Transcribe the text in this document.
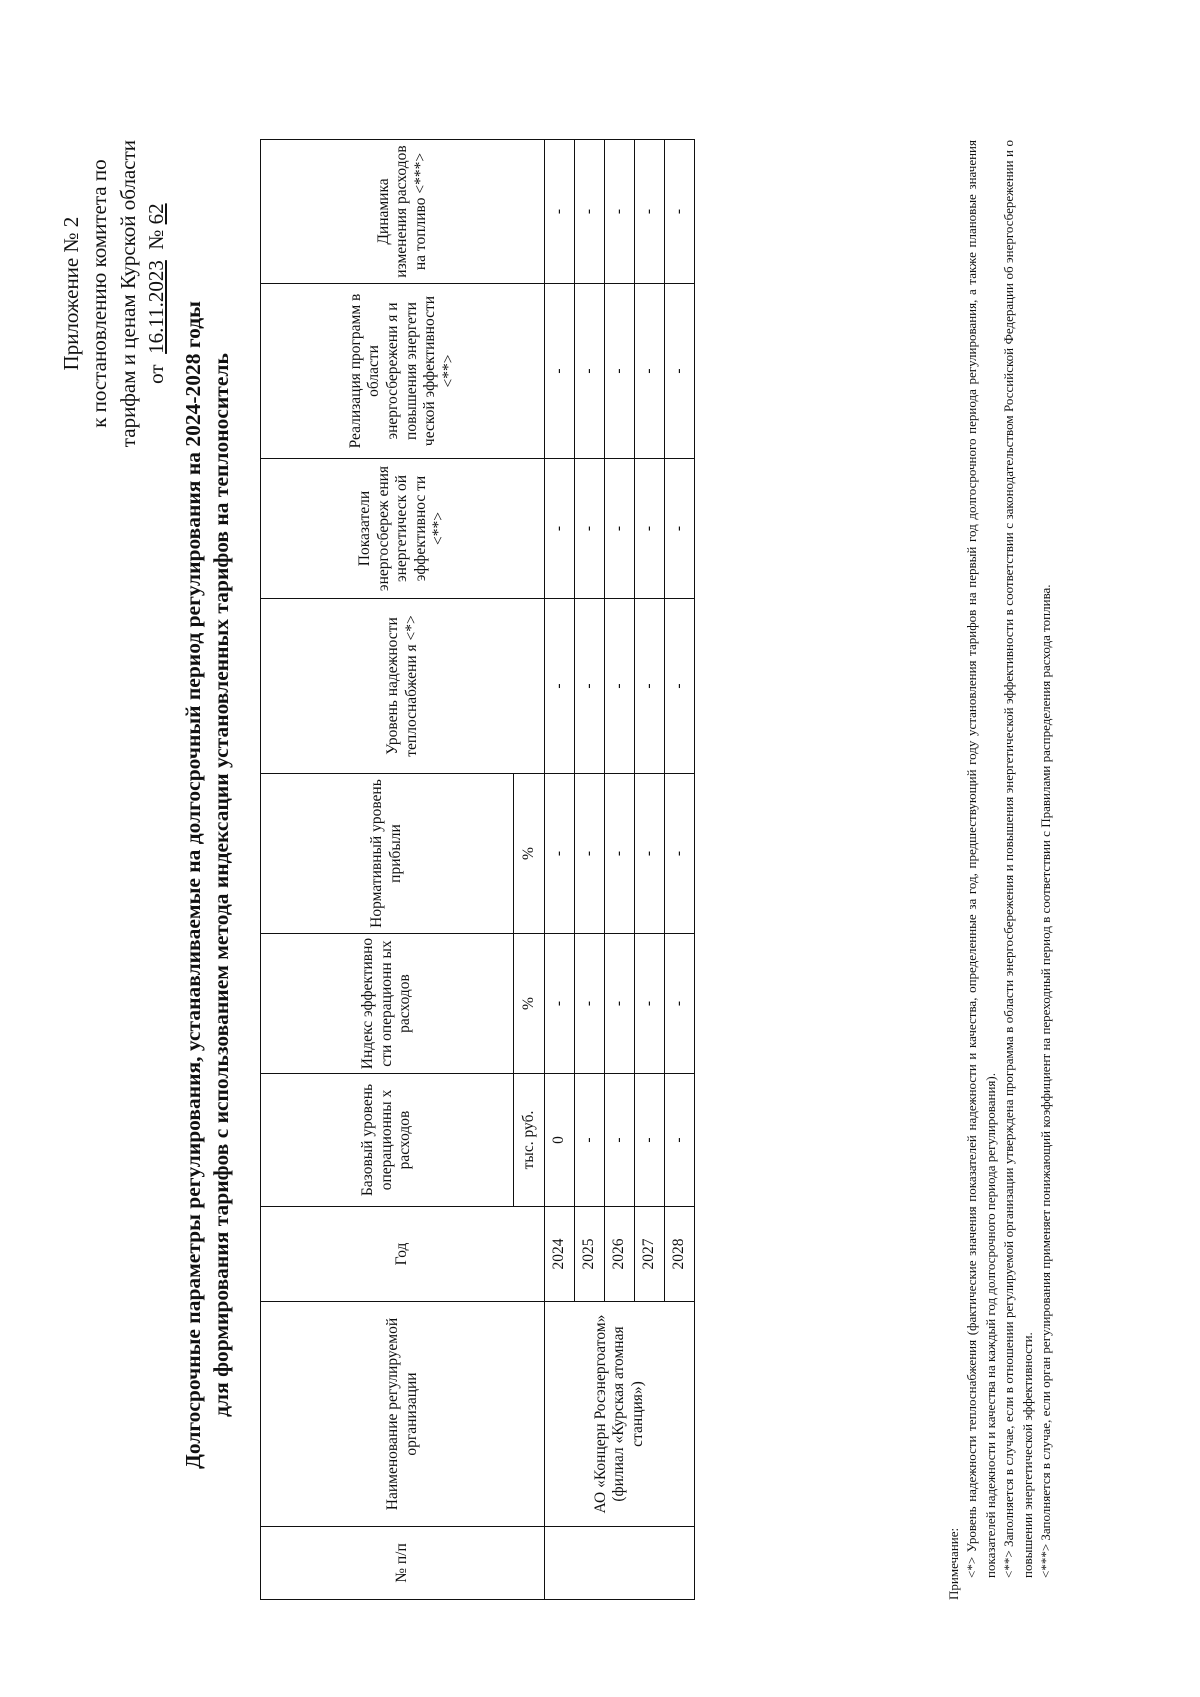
Приложение № 2 к постановлению комитета по тарифам и ценам Курской области от  16.11.2023  № 62
Долгосрочные параметры регулирования, устанавливаемые на долгосрочный период регулирования на 2024-2028 годы для формирования тарифов с использованием метода индексации установленных тарифов на теплоноситель
№ п/п	Наименование регулируемой организации	Год	Базовый уровень операционны х расходов	Индекс эффективно сти операционн ых расходов	Нормативный уровень прибыли	Уровень надежности теплоснабжени я <*>	Показатели энергосбереж ения энергетическ ой эффективнос ти <**>	Реализация программ в области энергосбережени я и повышения энергети ческой эффективности <**>	Динамика изменения расходов на топливо <***>
			тыс. руб.	%	%				
	АО «Концерн Росэнергоатом» (филиал «Курская атомная станция»)	2024	0	-	-	-	-	-	-
		2025	-	-	-	-	-	-	-
		2026	-	-	-	-	-	-	-
		2027	-	-	-	-	-	-	-
		2028	-	-	-	-	-	-	-
Примечание: <*> Уровень надежности теплоснабжения (фактические значения показателей надежности и качества, определенные за год, предшествующий году установления тарифов на первый год долгосрочного периода регулирования, а также плановые значения показателей надежности и качества на каждый год долгосрочного периода регулирования). <**> Заполняется в случае, если в отношении регулируемой организации утверждена программа в области энергосбережения и повышения энергетической эффективности в соответствии с законодательством Российской Федерации об энергосбережении и о повышении энергетической эффективности. <***> Заполняется в случае, если орган регулирования применяет понижающий коэффициент на переходный период в соответствии с Правилами распределения расхода топлива.
